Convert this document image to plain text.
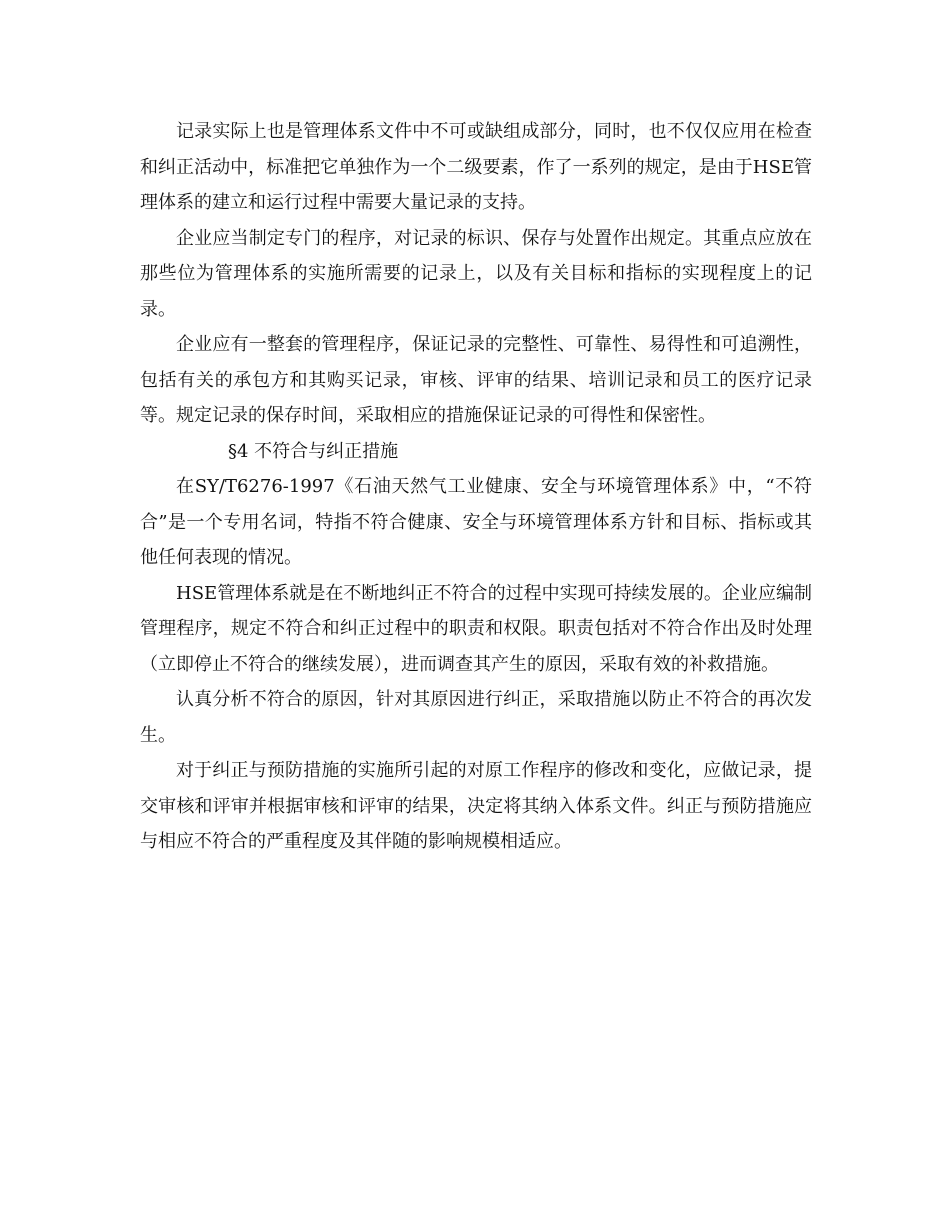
记录实际上也是管理体系文件中不可或缺组成部分，同时，也不仅仅应用在检查和纠正活动中，标准把它单独作为一个二级要素，作了一系列的规定，是由于HSE管理体系的建立和运行过程中需要大量记录的支持。

企业应当制定专门的程序，对记录的标识、保存与处置作出规定。其重点应放在那些位为管理体系的实施所需要的记录上，以及有关目标和指标的实现程度上的记录。

企业应有一整套的管理程序，保证记录的完整性、可靠性、易得性和可追溯性，包括有关的承包方和其购买记录，审核、评审的结果、培训记录和员工的医疗记录等。规定记录的保存时间，采取相应的措施保证记录的可得性和保密性。

§4 不符合与纠正措施

在SY/T6276-1997《石油天然气工业健康、安全与环境管理体系》中，“不符合”是一个专用名词，特指不符合健康、安全与环境管理体系方针和目标、指标或其他任何表现的情况。

HSE管理体系就是在不断地纠正不符合的过程中实现可持续发展的。企业应编制管理程序，规定不符合和纠正过程中的职责和权限。职责包括对不符合作出及时处理（立即停止不符合的继续发展），进而调查其产生的原因，采取有效的补救措施。

认真分析不符合的原因，针对其原因进行纠正，采取措施以防止不符合的再次发生。

对于纠正与预防措施的实施所引起的对原工作程序的修改和变化，应做记录，提交审核和评审并根据审核和评审的结果，决定将其纳入体系文件。纠正与预防措施应与相应不符合的严重程度及其伴随的影响规模相适应。
